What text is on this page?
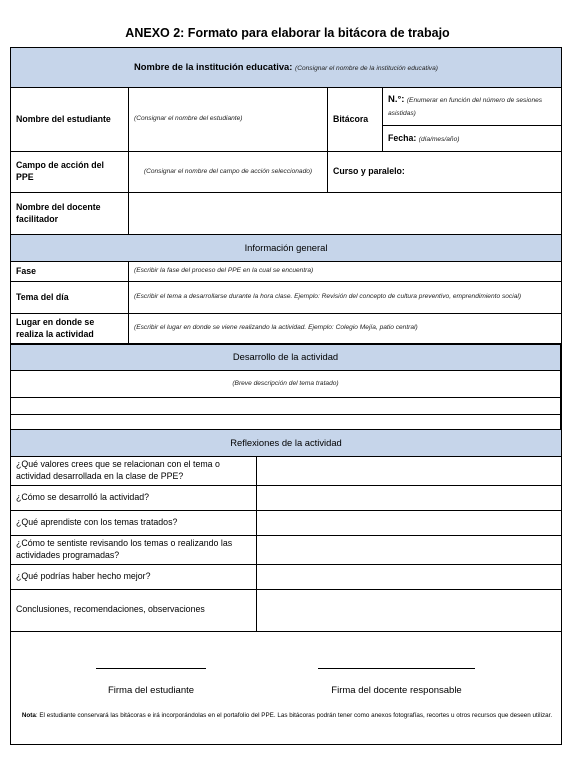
ANEXO 2: Formato para elaborar la bitácora de trabajo
Nombre de la institución educativa: (Consignar el nombre de la institución educativa)			
Nombre del estudiante	(Consignar el nombre del estudiante)	Bitácora	N.°: (Enumerar en función del número de sesiones asistidas)
			Fecha: (día/mes/año)
Campo de acción del PPE	(Consignar el nombre del campo de acción seleccionado)	Curso y paralelo:	
Nombre del docente facilitador			
Información general	
Fase	(Escribir la fase del proceso del PPE en la cual se encuentra)
Tema del día	(Escribir el tema a desarrollarse durante la hora clase. Ejemplo: Revisión del concepto de cultura preventivo, emprendimiento social)
Lugar en donde se realiza la actividad	(Escribir el lugar en donde se viene realizando la actividad. Ejemplo: Colegio Mejía, patio central)
Desarrollo de la actividad
(Breve descripción del tema tratado)

Reflexiones de la actividad	
¿Qué valores crees que se relacionan con el tema o actividad desarrollada en la clase de PPE?	
¿Cómo se desarrolló la actividad?	
¿Qué aprendiste con los temas tratados?	
¿Cómo te sentiste revisando los temas o realizando las actividades programadas?	
¿Qué podrías haber hecho mejor?	
Conclusiones, recomendaciones, observaciones	
Firma del estudiante	Firma del docente responsable
Nota: El estudiante conservará las bitácoras e irá incorporándolas en el portafolio del PPE. Las bitácoras podrán tener como anexos fotografías, recortes u otros recursos que deseen utilizar.
